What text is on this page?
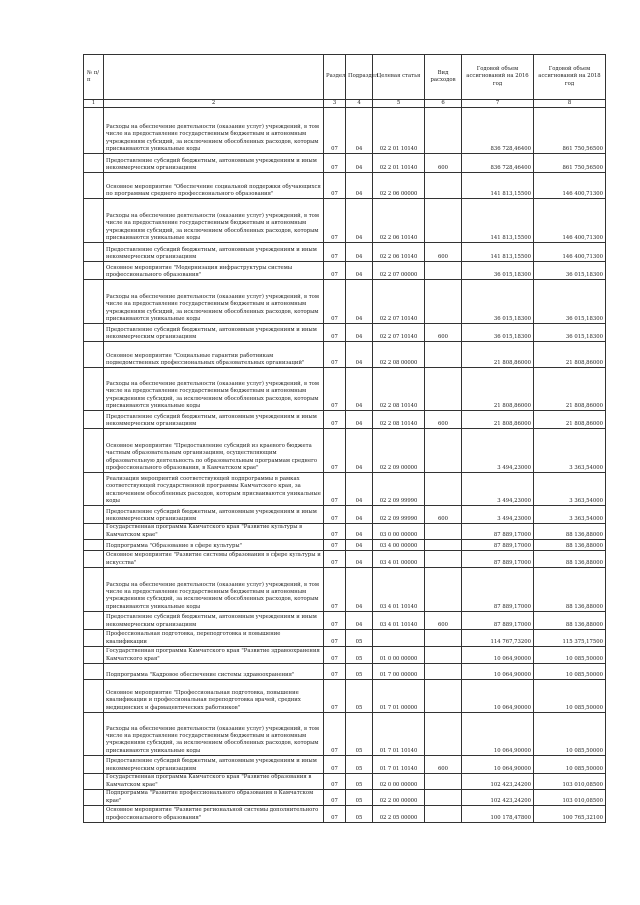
№ п/п		Раздел	Подраздел	Целевая статья	Вид расходов	Годовой объем ассигнований на 2016 год	Годовой объем ассигнований на 2018 год

1	2	3	4	5	6	7	8
	Расходы на обеспечение деятельности (оказание услуг) учреждений, в том числе на предоставление государственным бюджетным и автономным учреждениям субсидий, за исключением обособленных расходов, которым присваиваются уникальные коды	07	04	02 2 01 10140		836 728,46400	861 750,56500
	Предоставление субсидий бюджетным, автономным учреждениям и иным некоммерческим организациям	07	04	02 2 01 10140	600	836 728,46400	861 750,56500
	Основное мероприятие "Обеспечение социальной поддержки обучающихся по программам среднего профессионального образования"	07	04	02 2 06 00000		141 813,15500	146 400,71300
	Расходы на обеспечение деятельности (оказание услуг) учреждений, в том числе на предоставление государственным бюджетным и автономным учреждениям субсидий, за исключением обособленных расходов, которым присваиваются уникальные коды	07	04	02 2 06 10140		141 813,15500	146 400,71300
	Предоставление субсидий бюджетным, автономным учреждениям и иным некоммерческим организациям	07	04	02 2 06 10140	600	141 813,15500	146 400,71300
	Основное мероприятие "Модернизация инфраструктуры системы профессионального образования"	07	04	02 2 07 00000		36 015,18300	36 015,18300
	Расходы на обеспечение деятельности (оказание услуг) учреждений, в том числе на предоставление государственным бюджетным и автономным учреждениям субсидий, за исключением обособленных расходов, которым присваиваются уникальные коды	07	04	02 2 07 10140		36 015,18300	36 015,18300
	Предоставление субсидий бюджетным, автономным учреждениям и иным некоммерческим организациям	07	04	02 2 07 10140	600	36 015,18300	36 015,18300
	Основное мероприятие "Социальные гарантии работникам подведомственных профессиональных образовательных организаций"	07	04	02 2 08 00000		21 808,86000	21 808,86000
	Расходы на обеспечение деятельности (оказание услуг) учреждений, в том числе на предоставление государственным бюджетным и автономным учреждениям субсидий, за исключением обособленных расходов, которым присваиваются уникальные коды	07	04	02 2 08 10140		21 808,86000	21 808,86000
	Предоставление субсидий бюджетным, автономным учреждениям и иным некоммерческим организациям	07	04	02 2 08 10140	600	21 808,86000	21 808,86000
	Основное мероприятие "Предоставление субсидий из краевого бюджета частным образовательным организациям, осуществляющим образовательную деятельность по образовательным программам среднего профессионального образования, в Камчатском крае"	07	04	02 2 09 00000		3 494,23000	3 363,54000
	Реализация мероприятий соответствующей подпрограммы в рамках соответствующей государственной программы Камчатского края, за исключением обособленных расходов, которым присваиваются уникальные коды	07	04	02 2 09 99990		3 494,23000	3 363,54000
	Предоставление субсидий бюджетным, автономным учреждениям и иным некоммерческим организациям	07	04	02 2 09 99990	600	3 494,23000	3 363,54000
	Государственная программа Камчатского края "Развитие культуры в Камчатском крае"	07	04	03 0 00 00000		87 889,17000	88 136,88000
	Подпрограмма "Образование в сфере культуры"	07	04	03 4 00 00000		87 889,17000	88 136,88000
	Основное мероприятие "Развитие системы образования в сфере культуры и искусства"	07	04	03 4 01 00000		87 889,17000	88 136,88000
	Расходы на обеспечение деятельности (оказание услуг) учреждений, в том числе на предоставление государственным бюджетным и автономным учреждениям субсидий, за исключением обособленных расходов, которым присваиваются уникальные коды	07	04	03 4 01 10140		87 889,17000	88 136,88000
	Предоставление субсидий бюджетным, автономным учреждениям и иным некоммерческим организациям	07	04	03 4 01 10140	600	87 889,17000	88 136,88000
	Профессиональная подготовка, переподготовка и повышение квалификации	07	05			114 767,73200	115 375,17500
	Государственная программа Камчатского края "Развитие здравоохранения Камчатского края"	07	05	01 0 00 00000		10 064,90000	10 085,50000
	Подпрограмма "Кадровое обеспечение системы здравоохранения"	07	05	01 7 00 00000		10 064,90000	10 085,50000
	Основное мероприятие "Профессиональная подготовка, повышение квалификации и профессиональная переподготовка врачей, средних медицинских и фармацевтических работников"	07	05	01 7 01 00000		10 064,90000	10 085,50000
	Расходы на обеспечение деятельности (оказание услуг) учреждений, в том числе на предоставление государственным бюджетным и автономным учреждениям субсидий, за исключением обособленных расходов, которым присваиваются уникальные коды	07	05	01 7 01 10140		10 064,90000	10 085,50000
	Предоставление субсидий бюджетным, автономным учреждениям и иным некоммерческим организациям	07	05	01 7 01 10140	600	10 064,90000	10 085,50000
	Государственная программа Камчатского края "Развитие образования в Камчатском крае"	07	05	02 0 00 00000		102 423,24200	103 010,08500
	Подпрограмма "Развитие профессионального образования в Камчатском крае"	07	05	02 2 00 00000		102 423,24200	103 010,08500
	Основное мероприятие "Развитие региональной системы дополнительного профессионального образования"	07	05	02 2 05 00000		100 178,47800	100 765,32100
